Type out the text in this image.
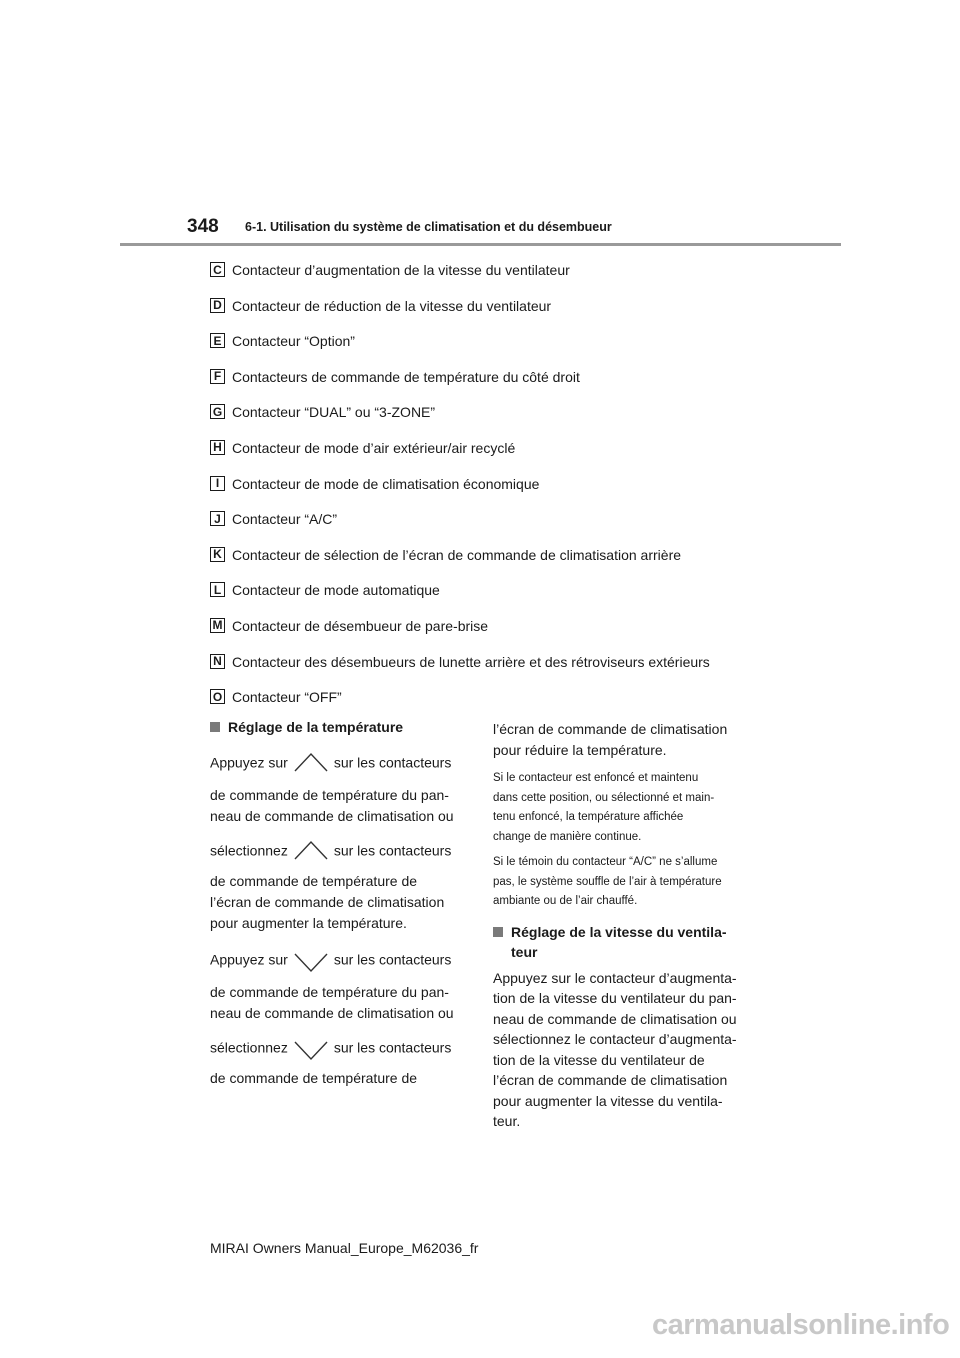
348 6-1. Utilisation du système de climatisation et du désembueur
C Contacteur d’augmentation de la vitesse du ventilateur
D Contacteur de réduction de la vitesse du ventilateur
E Contacteur “Option”
F Contacteurs de commande de température du côté droit
G Contacteur “DUAL” ou “3-ZONE”
H Contacteur de mode d’air extérieur/air recyclé
I Contacteur de mode de climatisation économique
J Contacteur “A/C”
K Contacteur de sélection de l’écran de commande de climatisation arrière
L Contacteur de mode automatique
M Contacteur de désembueur de pare-brise
N Contacteur des désembueurs de lunette arrière et des rétroviseurs extérieurs
O Contacteur “OFF”
Réglage de la température

Appuyez sur	sur les contacteurs

de commande de température du pan-

neau de commande de climatisation ou

sélectionnez	sur les contacteurs

de commande de température de

l’écran de commande de climatisation

pour augmenter la température.

Appuyez sur	sur les contacteurs

de commande de température du pan-

neau de commande de climatisation ou

sélectionnez	sur les contacteurs

de commande de température de

l’écran de commande de climatisation

pour réduire la température.

Si le contacteur est enfoncé et maintenu

dans cette position, ou sélectionné et main-

tenu enfoncé, la température affichée

change de manière continue.

Si le témoin du contacteur “A/C” ne s’allume

pas, le système souffle de l’air à température

ambiante ou de l’air chauffé.

Réglage de la vitesse du ventila-
teur

Appuyez sur le contacteur d’augmenta-

tion de la vitesse du ventilateur du pan-

neau de commande de climatisation ou

sélectionnez le contacteur d’augmenta-

tion de la vitesse du ventilateur de

l’écran de commande de climatisation

pour augmenter la vitesse du ventila-

teur.

MIRAI Owners Manual_Europe_M62036_fr
carmanualsonline.info
